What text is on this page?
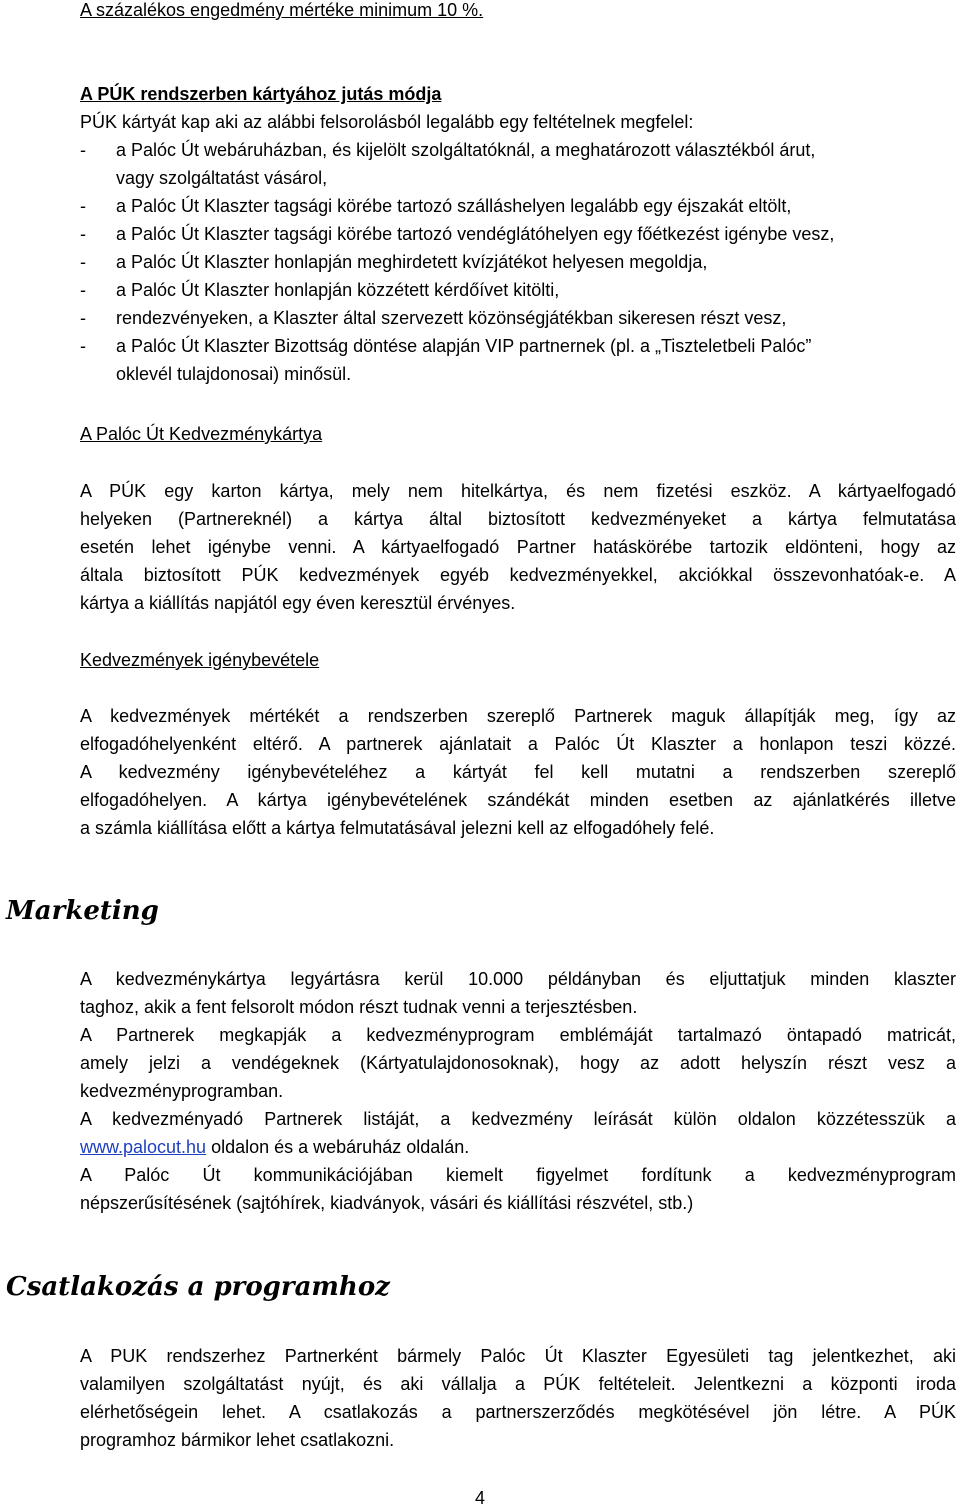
A százalékos engedmény mértéke minimum 10 %.
A PÚK rendszerben kártyához jutás módja
PÚK kártyát kap aki az alábbi felsorolásból legalább egy feltételnek megfelel:
-	a Palóc Út webáruházban, és kijelölt szolgáltatóknál, a meghatározott választékból árut,
vagy szolgáltatást vásárol,
-	a Palóc Út Klaszter tagsági körébe tartozó szálláshelyen legalább egy éjszakát eltölt,
-	a Palóc Út Klaszter tagsági körébe tartozó vendéglátóhelyen egy főétkezést igénybe vesz,
-	a Palóc Út Klaszter honlapján meghirdetett kvízjátékot helyesen megoldja,
-	a Palóc Út Klaszter honlapján közzétett kérdőívet kitölti,
-	rendezvényeken, a Klaszter által szervezett közönségjátékban sikeresen részt vesz,
-	a Palóc Út Klaszter Bizottság döntése alapján VIP partnernek (pl. a „Tiszteletbeli Palóc”
oklevél tulajdonosai) minősül.
A Palóc Út Kedvezménykártya
A PÚK egy karton kártya, mely nem hitelkártya, és nem fizetési eszköz. A kártyaelfogadó
helyeken (Partnereknél) a kártya által biztosított kedvezményeket a kártya felmutatása
esetén lehet igénybe venni. A kártyaelfogadó Partner hatáskörébe tartozik eldönteni, hogy az
általa biztosított PÚK kedvezmények egyéb kedvezményekkel, akciókkal összevonhatóak-e. A
kártya a kiállítás napjától egy éven keresztül érvényes.
Kedvezmények igénybevétele
A kedvezmények mértékét a rendszerben szereplő Partnerek maguk állapítják meg, így az
elfogadóhelyenként eltérő. A partnerek ajánlatait a Palóc Út Klaszter a honlapon teszi közzé.
A kedvezmény igénybevételéhez a kártyát fel kell mutatni a rendszerben szereplő
elfogadóhelyen. A kártya igénybevételének szándékát minden esetben az ajánlatkérés illetve
a számla kiállítása előtt a kártya felmutatásával jelezni kell az elfogadóhely felé.
Marketing
A kedvezménykártya legyártásra kerül 10.000 példányban és eljuttatjuk minden klaszter
taghoz, akik a fent felsorolt módon részt tudnak venni a terjesztésben.
A Partnerek megkapják a kedvezményprogram emblémáját tartalmazó öntapadó matricát,
amely jelzi a vendégeknek (Kártyatulajdonosoknak), hogy az adott helyszín részt vesz a
kedvezményprogramban.
A kedvezményadó Partnerek listáját, a kedvezmény leírását külön oldalon közzétesszük a
www.palocut.hu oldalon és a webáruház oldalán.
A Palóc Út kommunikációjában kiemelt figyelmet fordítunk a kedvezményprogram
népszerűsítésének (sajtóhírek, kiadványok, vásári és kiállítási részvétel, stb.)
Csatlakozás a programhoz
A PUK rendszerhez Partnerként bármely Palóc Út Klaszter Egyesületi tag jelentkezhet, aki
valamilyen szolgáltatást nyújt, és aki vállalja a PÚK feltételeit. Jelentkezni a központi iroda
elérhetőségein lehet. A csatlakozás a partnerszerződés megkötésével jön létre. A PÚK
programhoz bármikor lehet csatlakozni.
4
